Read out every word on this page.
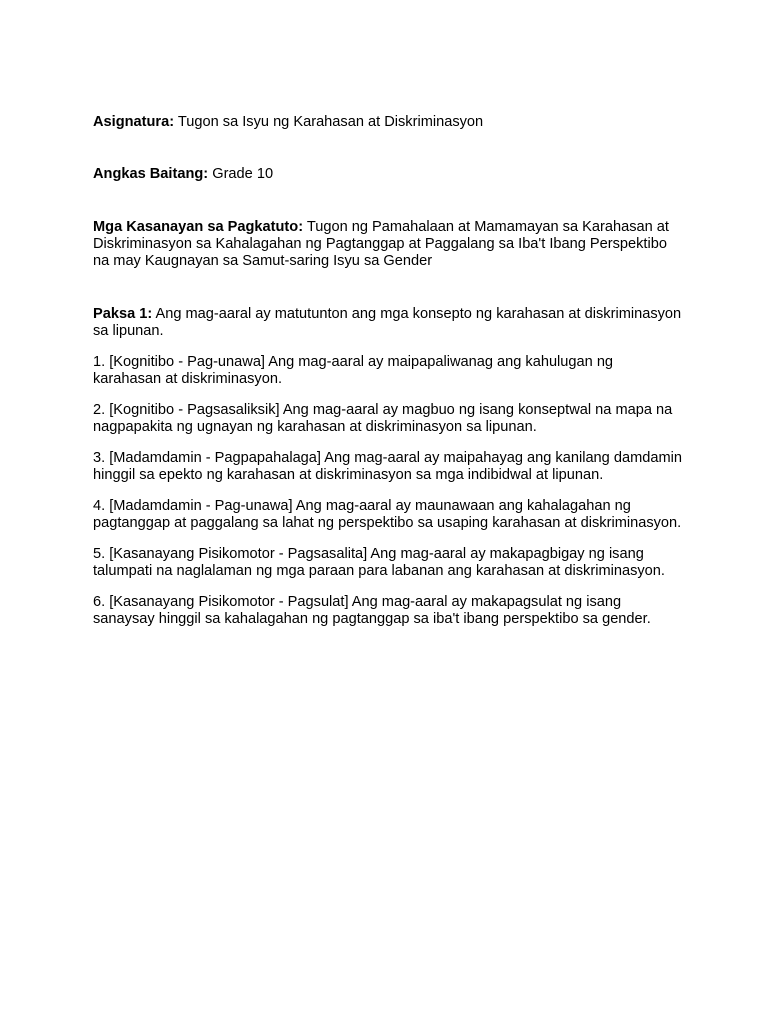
Asignatura: Tugon sa Isyu ng Karahasan at Diskriminasyon

Angkas Baitang: Grade 10

Mga Kasanayan sa Pagkatuto: Tugon ng Pamahalaan at Mamamayan sa Karahasan at Diskriminasyon sa Kahalagahan ng Pagtanggap at Paggalang sa Iba't Ibang Perspektibo na may Kaugnayan sa Samut-saring Isyu sa Gender

Paksa 1: Ang mag-aaral ay matutunton ang mga konsepto ng karahasan at diskriminasyon sa lipunan.

1. [Kognitibo - Pag-unawa] Ang mag-aaral ay maipapaliwanag ang kahulugan ng karahasan at diskriminasyon.

2. [Kognitibo - Pagsasaliksik] Ang mag-aaral ay magbuo ng isang konseptwal na mapa na nagpapakita ng ugnayan ng karahasan at diskriminasyon sa lipunan.

3. [Madamdamin - Pagpapahalaga] Ang mag-aaral ay maipahayag ang kanilang damdamin hinggil sa epekto ng karahasan at diskriminasyon sa mga indibidwal at lipunan.

4. [Madamdamin - Pag-unawa] Ang mag-aaral ay maunawaan ang kahalagahan ng pagtanggap at paggalang sa lahat ng perspektibo sa usaping karahasan at diskriminasyon.

5. [Kasanayang Pisikomotor - Pagsasalita] Ang mag-aaral ay makapagbigay ng isang talumpati na naglalaman ng mga paraan para labanan ang karahasan at diskriminasyon.

6. [Kasanayang Pisikomotor - Pagsulat] Ang mag-aaral ay makapagsulat ng isang sanaysay hinggil sa kahalagahan ng pagtanggap sa iba't ibang perspektibo sa gender.
